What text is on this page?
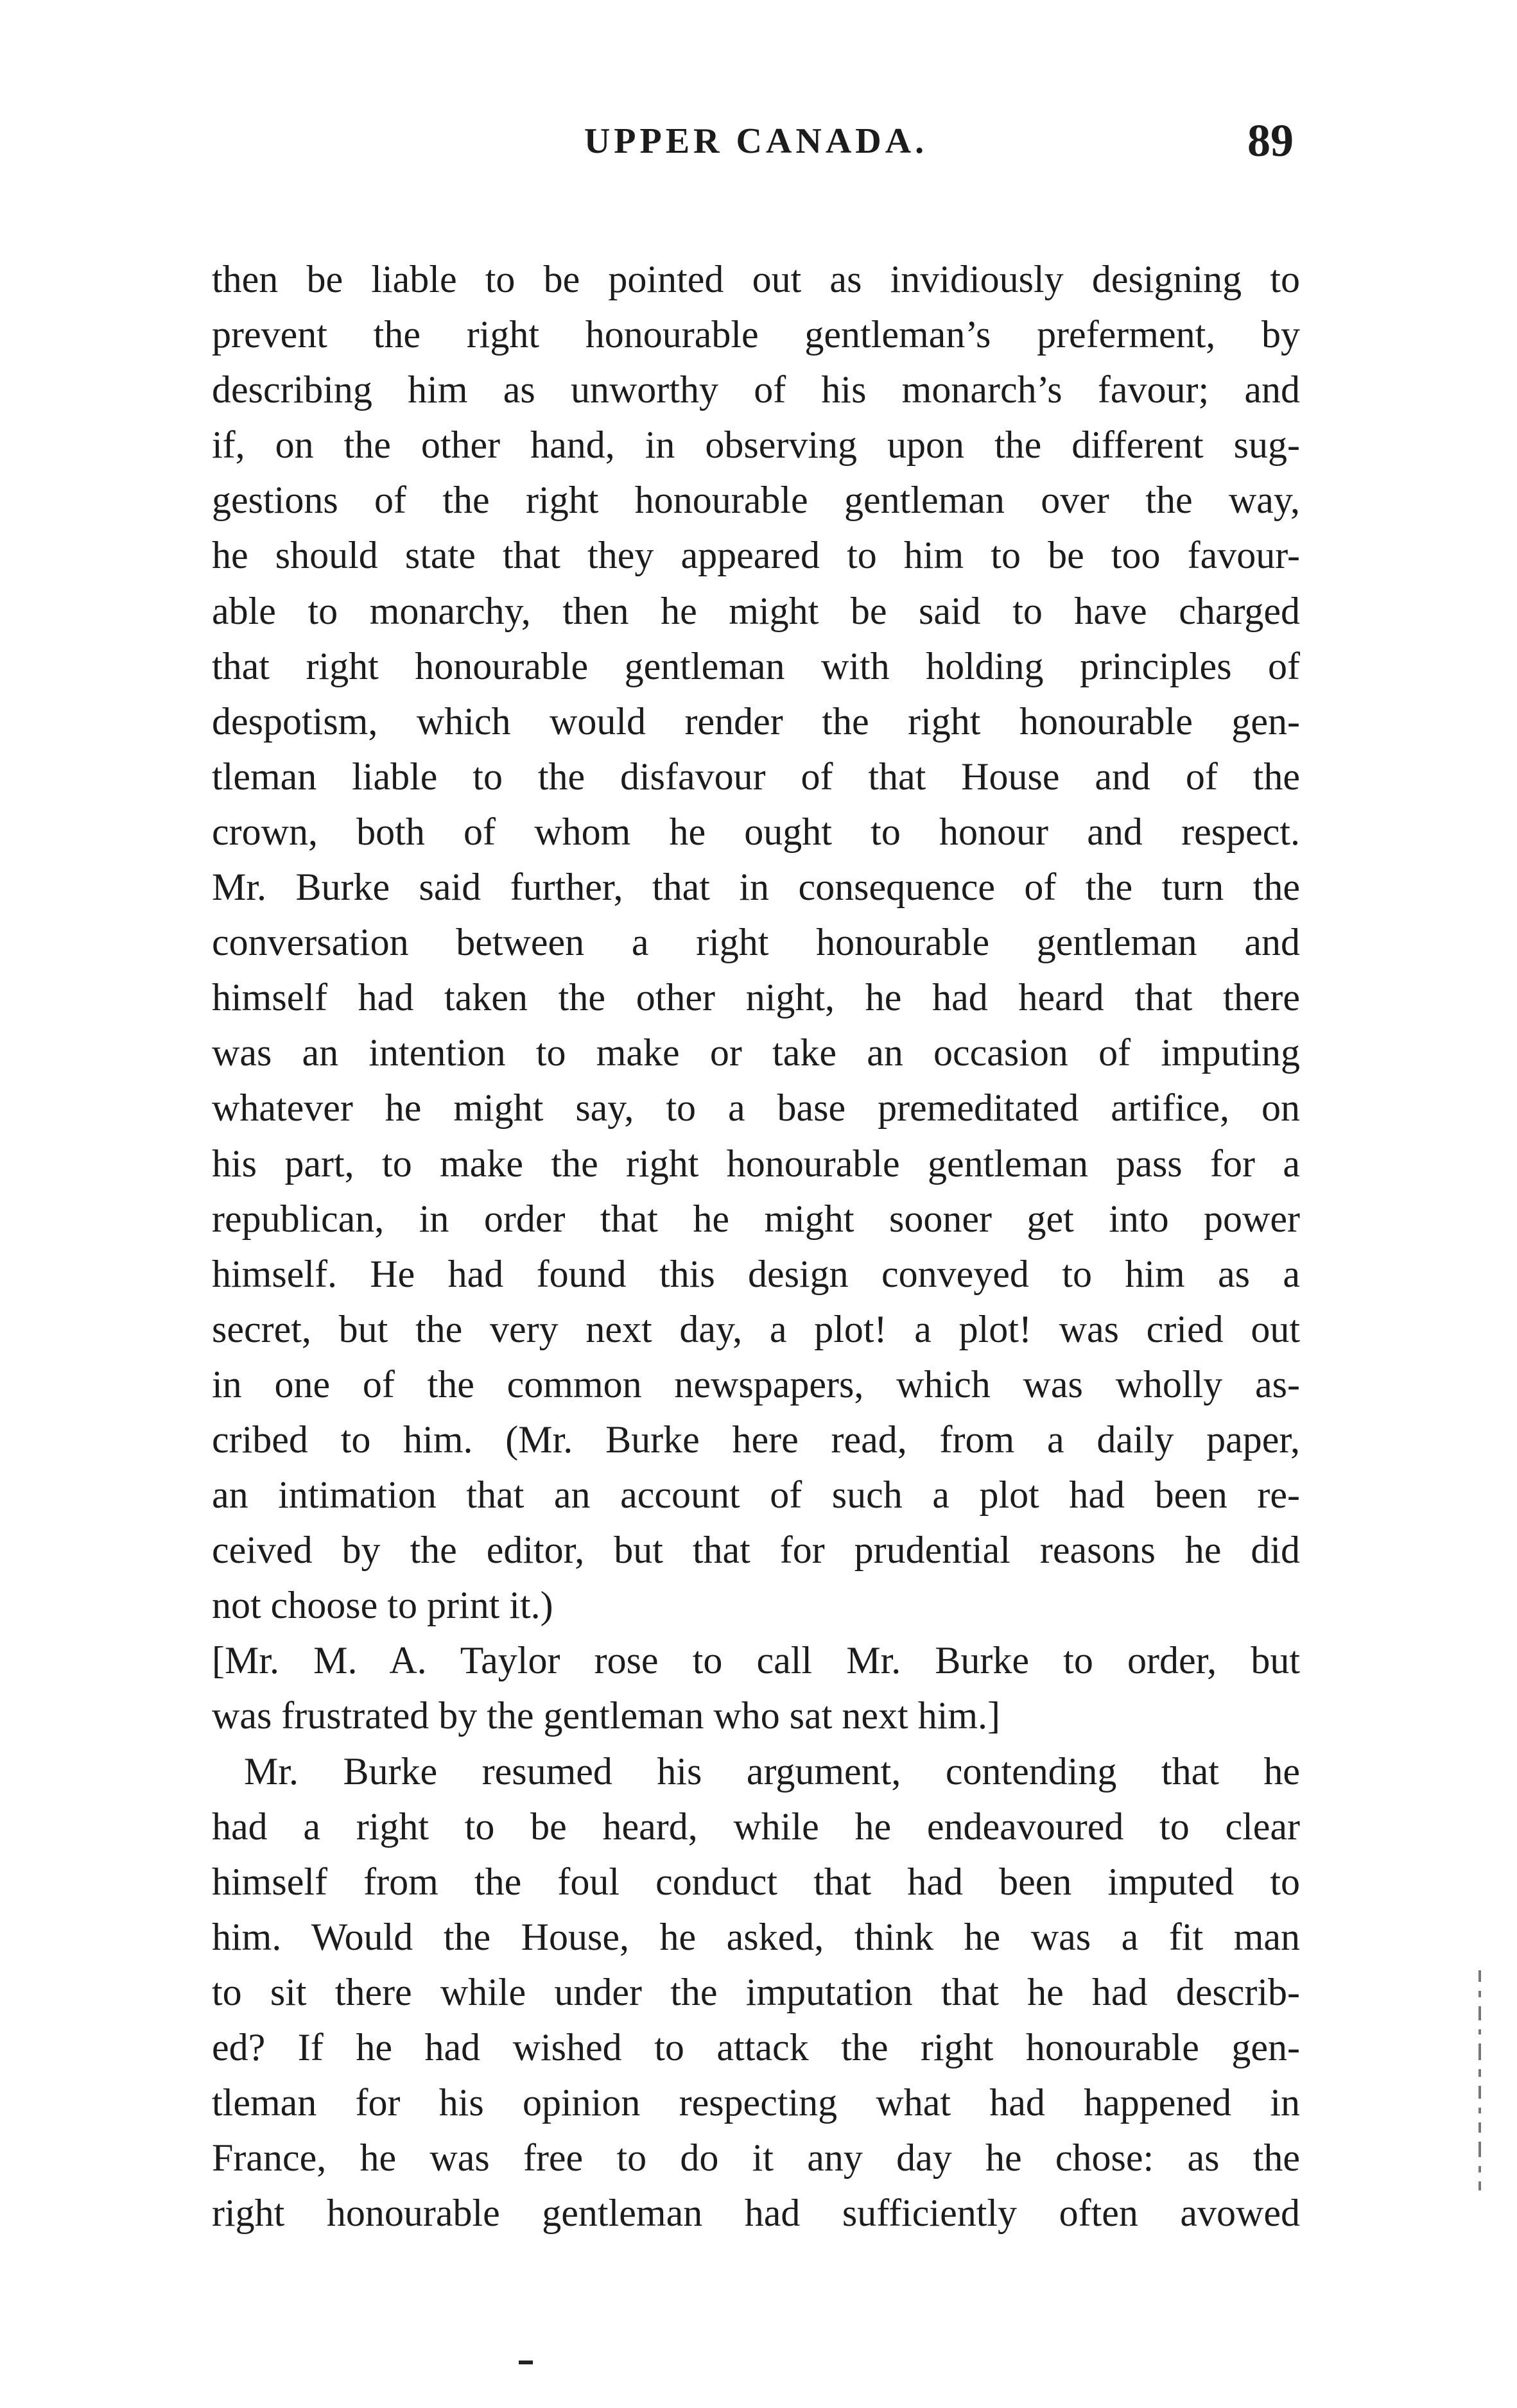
UPPER CANADA.	89
then be liable to be pointed out as invidiously designing to
prevent the right honourable gentleman’s preferment, by
describing him as unworthy of his monarch’s favour; and
if, on the other hand, in observing upon the different sug-
gestions of the right honourable gentleman over the way,
he should state that they appeared to him to be too favour-
able to monarchy, then he might be said to have charged
that right honourable gentleman with holding principles of
despotism, which would render the right honourable gen-
tleman liable to the disfavour of that House and of the
crown, both of whom he ought to honour and respect.
Mr. Burke said further, that in consequence of the turn the
conversation between a right honourable gentleman and
himself had taken the other night, he had heard that there
was an intention to make or take an occasion of imputing
whatever he might say, to a base premeditated artifice, on
his part, to make the right honourable gentleman pass for a
republican, in order that he might sooner get into power
himself. He had found this design conveyed to him as a
secret, but the very next day, a plot! a plot! was cried out
in one of the common newspapers, which was wholly as-
cribed to him. (Mr. Burke here read, from a daily paper,
an intimation that an account of such a plot had been re-
ceived by the editor, but that for prudential reasons he did
not choose to print it.)
[Mr. M. A. Taylor rose to call Mr. Burke to order, but
was frustrated by the gentleman who sat next him.]
Mr. Burke resumed his argument, contending that he
had a right to be heard, while he endeavoured to clear
himself from the foul conduct that had been imputed to
him. Would the House, he asked, think he was a fit man
to sit there while under the imputation that he had describ-
ed? If he had wished to attack the right honourable gen-
tleman for his opinion respecting what had happened in
France, he was free to do it any day he chose: as the
right honourable gentleman had sufficiently often avowed
